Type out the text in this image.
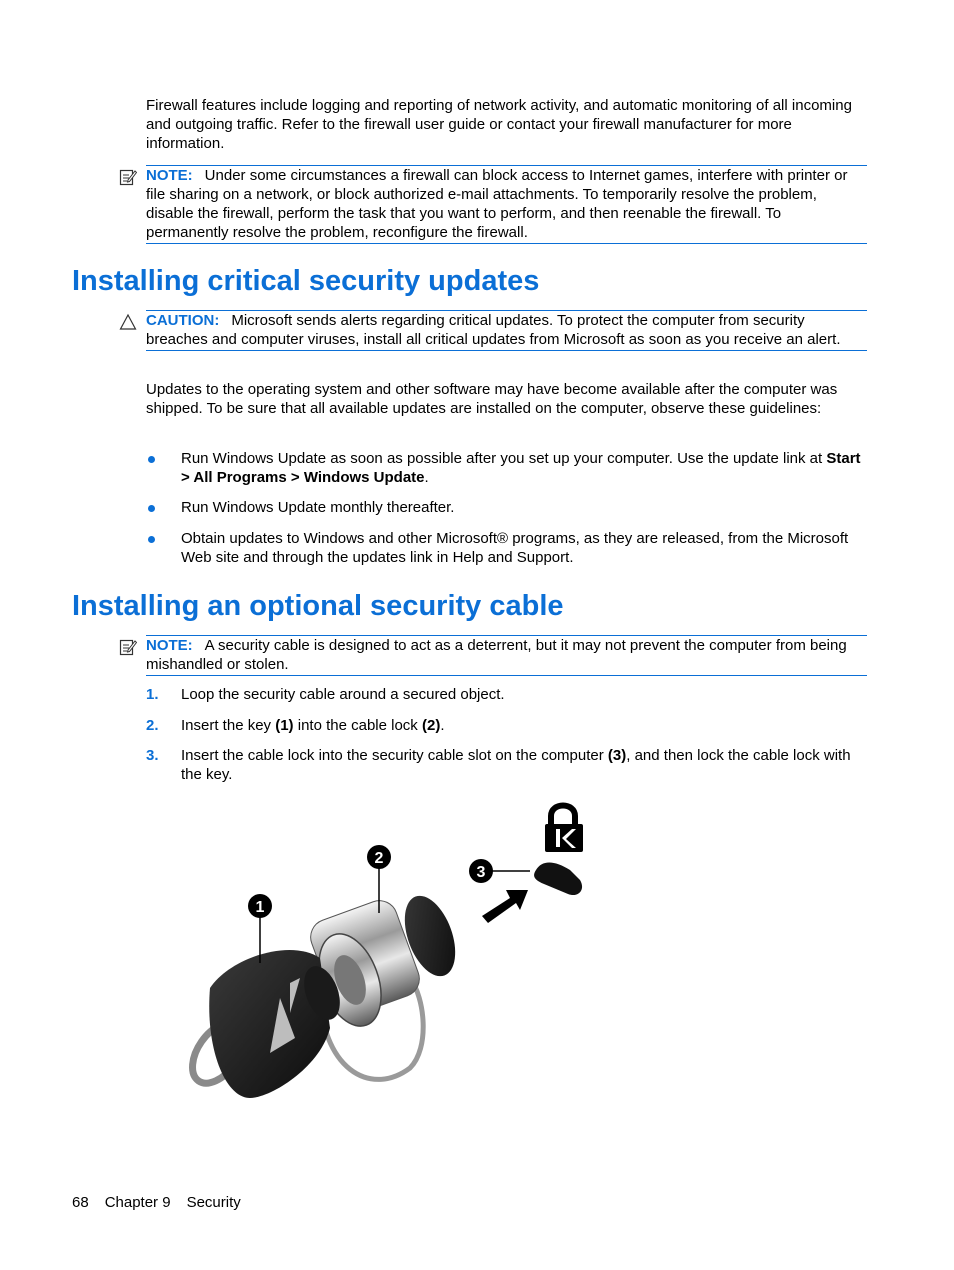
Firewall features include logging and reporting of network activity, and automatic monitoring of all incoming and outgoing traffic. Refer to the firewall user guide or contact your firewall manufacturer for more information.

NOTE: Under some circumstances a firewall can block access to Internet games, interfere with printer or file sharing on a network, or block authorized e-mail attachments. To temporarily resolve the problem, disable the firewall, perform the task that you want to perform, and then reenable the firewall. To permanently resolve the problem, reconfigure the firewall.
Installing critical security updates
CAUTION: Microsoft sends alerts regarding critical updates. To protect the computer from security breaches and computer viruses, install all critical updates from Microsoft as soon as you receive an alert.

Updates to the operating system and other software may have become available after the computer was shipped. To be sure that all available updates are installed on the computer, observe these guidelines:

Run Windows Update as soon as possible after you set up your computer. Use the update link at Start > All Programs > Windows Update.

Run Windows Update monthly thereafter.

Obtain updates to Windows and other Microsoft® programs, as they are released, from the Microsoft Web site and through the updates link in Help and Support.

Installing an optional security cable
NOTE: A security cable is designed to act as a deterrent, but it may not prevent the computer from being mishandled or stolen.
1. Loop the security cable around a secured object.

2. Insert the key (1) into the cable lock (2).

3. Insert the cable lock into the security cable slot on the computer (3), and then lock the cable lock with the key.

1
2
3
68 Chapter 9 Security
